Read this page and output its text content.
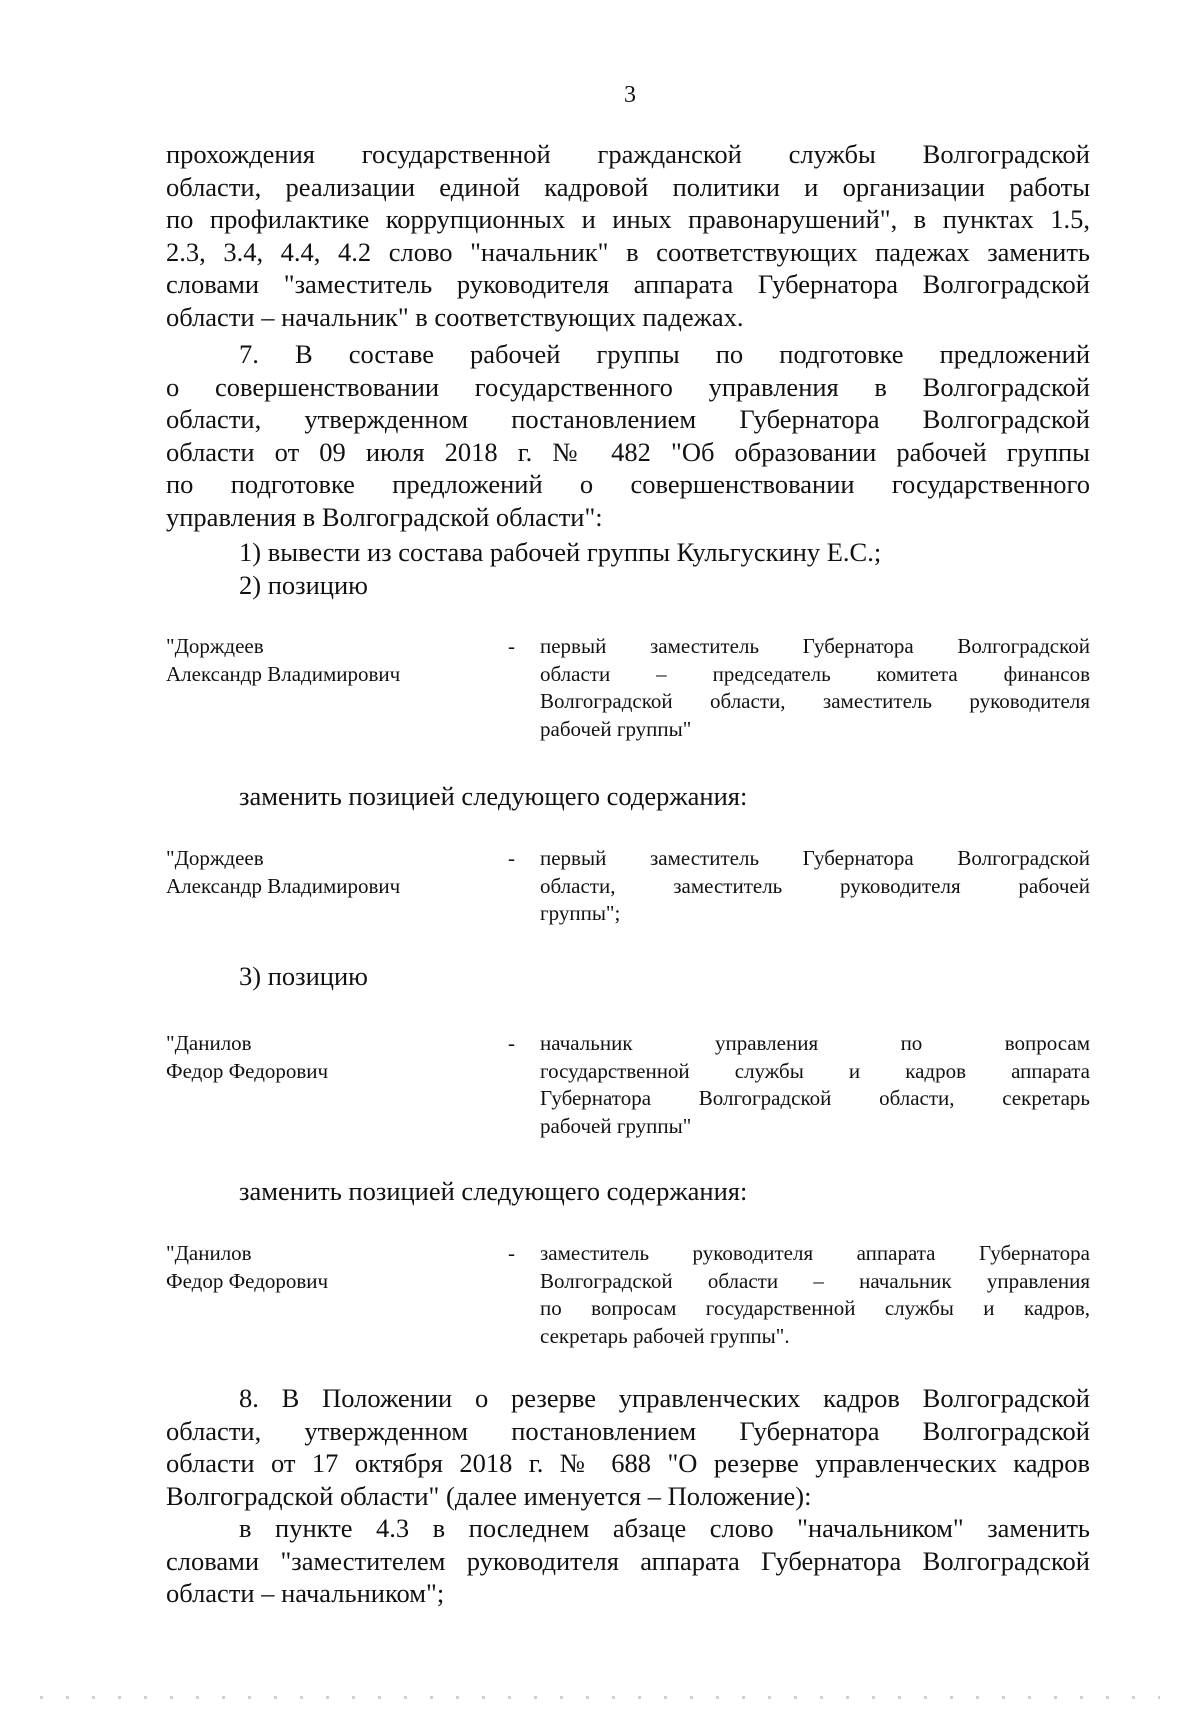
3
прохождения государственной гражданской службы Волгоградской
области, реализации единой кадровой политики и организации работы
по профилактике коррупционных и иных правонарушений", в пунктах 1.5,
2.3, 3.4, 4.4, 4.2 слово "начальник" в соответствующих падежах заменить
словами "заместитель руководителя аппарата Губернатора Волгоградской
области – начальник" в соответствующих падежах.
7. В составе рабочей группы по подготовке предложений
о совершенствовании государственного управления в Волгоградской
области, утвержденном постановлением Губернатора Волгоградской
области от 09 июля 2018 г. № 482 "Об образовании рабочей группы
по подготовке предложений о совершенствовании государственного
управления в Волгоградской области":
1) вывести из состава рабочей группы Кульгускину Е.С.;
2) позицию
"Дорждеев
Александр Владимирович
- первый заместитель Губернатора Волгоградской
области – председатель комитета финансов
Волгоградской области, заместитель руководителя
рабочей группы"
заменить позицией следующего содержания:
"Дорждеев
Александр Владимирович
- первый заместитель Губернатора Волгоградской
области, заместитель руководителя рабочей
группы";
3) позицию
"Данилов
Федор Федорович
- начальник управления по вопросам
государственной службы и кадров аппарата
Губернатора Волгоградской области, секретарь
рабочей группы"
заменить позицией следующего содержания:
"Данилов
Федор Федорович
- заместитель руководителя аппарата Губернатора
Волгоградской области – начальник управления
по вопросам государственной службы и кадров,
секретарь рабочей группы".
8. В Положении о резерве управленческих кадров Волгоградской
области, утвержденном постановлением Губернатора Волгоградской
области от 17 октября 2018 г. № 688 "О резерве управленческих кадров
Волгоградской области" (далее именуется – Положение):
в пункте 4.3 в последнем абзаце слово "начальником" заменить
словами "заместителем руководителя аппарата Губернатора Волгоградской
области – начальником";
